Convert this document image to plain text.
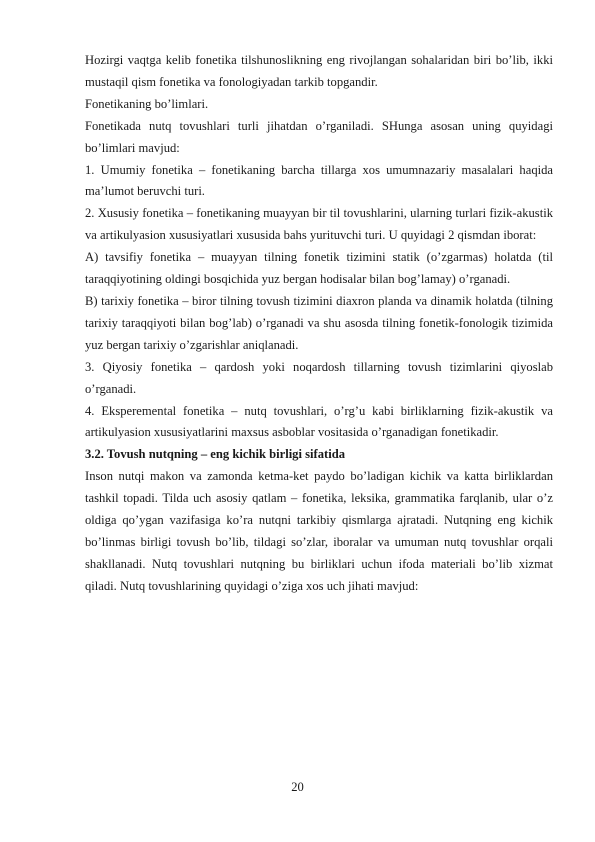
Hozirgi vaqtga kelib fonetika tilshunoslikning eng rivojlangan sohalaridan biri bo’lib, ikki mustaqil qism fonetika va fonologiyadan tarkib topgandir.

Fonetikaning bo’limlari.

Fonetikada nutq tovushlari turli jihatdan o’rganiladi. SHunga asosan uning quyidagi bo’limlari mavjud:

1. Umumiy fonetika – fonetikaning barcha tillarga xos umumnazariy masalalari haqida ma’lumot beruvchi turi.

2. Xususiy fonetika – fonetikaning muayyan bir til tovushlarini, ularning turlari fizik-akustik va artikulyasion xususiyatlari xususida bahs yurituvchi turi. U quyidagi 2 qismdan iborat:

A) tavsifiy fonetika – muayyan tilning fonetik tizimini statik (o’zgarmas) holatda (til taraqqiyotining oldingi bosqichida yuz bergan hodisalar bilan bog’lamay) o’rganadi.

B) tarixiy fonetika – biror tilning tovush tizimini diaxron planda va dinamik holatda (tilning tarixiy taraqqiyoti bilan bog’lab) o’rganadi va shu asosda tilning fonetik-fonologik tizimida yuz bergan tarixiy o’zgarishlar aniqlanadi.

3. Qiyosiy fonetika – qardosh yoki noqardosh tillarning tovush tizimlarini qiyoslab o’rganadi.

4. Eksperemental fonetika – nutq tovushlari, o’rg’u kabi birliklarning fizik-akustik va artikulyasion xususiyatlarini maxsus asboblar vositasida o’rganadigan fonetikadir.

3.2. Tovush nutqning – eng kichik birligi sifatida

Inson nutqi makon va zamonda ketma-ket paydo bo’ladigan kichik va katta birliklardan tashkil topadi. Tilda uch asosiy qatlam – fonetika, leksika, grammatika farqlanib, ular o’z oldiga qo’ygan vazifasiga ko’ra nutqni tarkibiy qismlarga ajratadi. Nutqning eng kichik bo’linmas birligi tovush bo’lib, tildagi so’zlar, iboralar va umuman nutq tovushlar orqali shakllanadi. Nutq tovushlari nutqning bu birliklari uchun ifoda materiali bo’lib xizmat qiladi. Nutq tovushlarining quyidagi o’ziga xos uch jihati mavjud:

20
